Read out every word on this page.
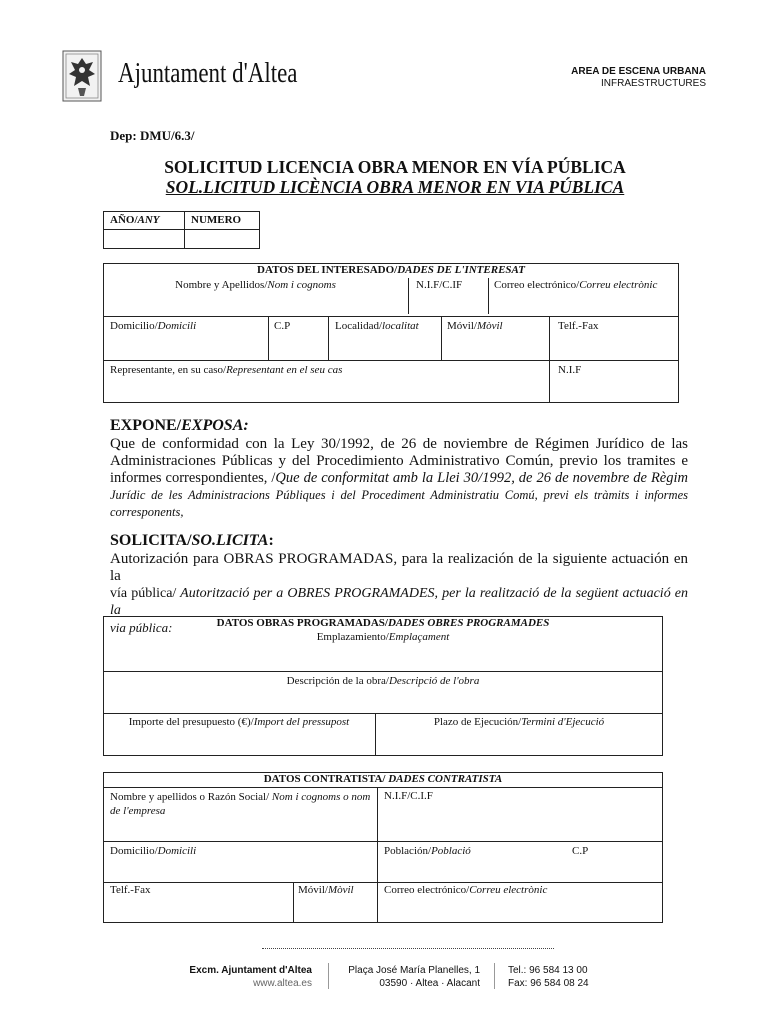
Ajuntament d'Altea	AREA DE ESCENA URBANA
INFRAESTRUCTURES
Dep: DMU/6.3/
SOLICITUD LICENCIA OBRA MENOR EN VÍA PÚBLICA
SOL.LICITUD LICÈNCIA OBRA MENOR EN VIA PÚBLICA
AÑO/ANY	NUMERO
DATOS DEL INTERESADO/DADES DE L'INTERESAT
Nombre y Apellidos/Nom i cognoms	N.I.F/C.IF	Correo electrónico/Correu electrònic
Domicilio/Domicili	C.P	Localidad/localitat	Móvil/Mòvil	Telf.-Fax
Representante, en su caso/Representant en el seu cas	N.I.F
EXPONE/EXPOSA:
Que de conformidad con la Ley 30/1992, de 26 de noviembre de Régimen Jurídico de las
Administraciones Públicas y del Procedimiento Administrativo Común, previo los tramites e
informes correspondientes, /Que de conformitat amb la Llei 30/1992, de 26 de novembre de Règim
Jurídic de les Administracions Públiques i del Procediment Administratiu Comú, previ els tràmits i informes
corresponents,
SOLICITA/SO.LICITA:
Autorización para OBRAS PROGRAMADAS, para la realización de la siguiente actuación en la
vía pública/ Autorització per a OBRES PROGRAMADES, per la realització de la següent actuació en la
via pública:	DATOS OBRAS PROGRAMADAS/DADES OBRES PROGRAMADES
Emplazamiento/Emplaçament
Descripción de la obra/Descripció de l'obra
Importe del presupuesto (€)/Import del pressupost	Plazo de Ejecución/Termini d'Ejecució
DATOS CONTRATISTA/ DADES CONTRATISTA
Nombre y apellidos o Razón Social/ Nom i cognoms o nom de l'empresa
N.I.F/C.I.F
Domicilio/Domicili	Población/Població	C.P
Telf.-Fax	Móvil/Mòvil	Correo electrónico/Correu electrònic
Excm. Ajuntament d'Altea
www.altea.es
Plaça José María Planelles, 1
03590 · Altea · Alacant
Tel.: 96 584 13 00
Fax: 96 584 08 24
